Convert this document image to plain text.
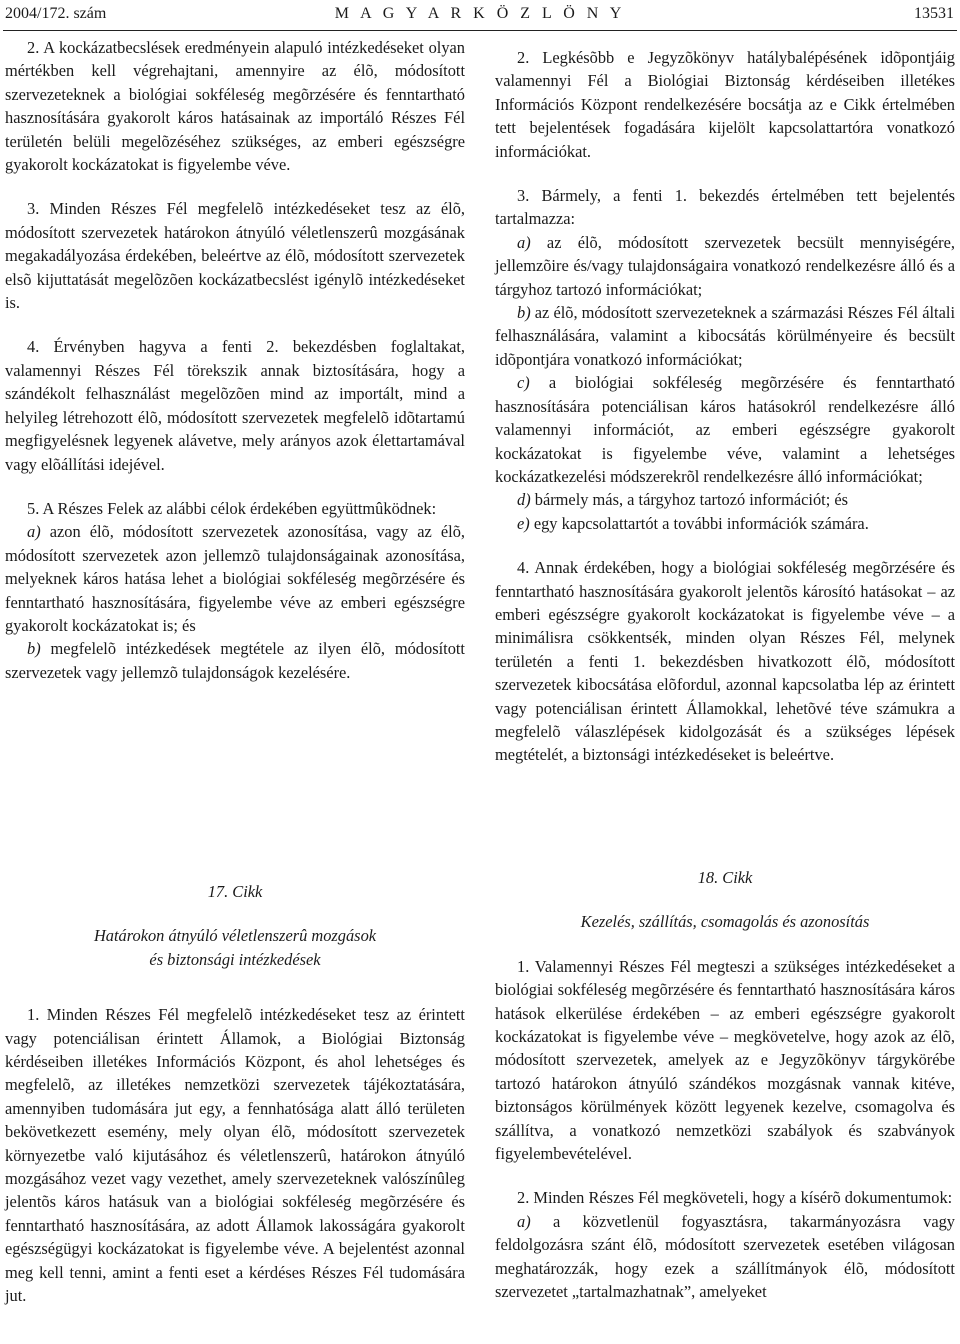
2004/172. szám	M A G Y A R K Ö Z L Ö N Y	13531

2. A kockázatbecslések eredményein alapuló intézkedéseket olyan mértékben kell végrehajtani, amennyire az élõ, módosított szervezeteknek a biológiai sokféleség megõrzésére és fenntartható hasznosítására gyakorolt káros hatásainak az importáló Részes Fél területén belüli megelõzéséhez szükséges, az emberi egészségre gyakorolt kockázatokat is figyelembe véve.

3. Minden Részes Fél megfelelõ intézkedéseket tesz az élõ, módosított szervezetek határokon átnyúló véletlenszerû mozgásának megakadályozása érdekében, beleértve az élõ, módosított szervezetek elsõ kijuttatását megelõzõen kockázatbecslést igénylõ intézkedéseket is.

4. Érvényben hagyva a fenti 2. bekezdésben foglaltakat, valamennyi Részes Fél törekszik annak biztosítására, hogy a szándékolt felhasználást megelõzõen mind az importált, mind a helyileg létrehozott élõ, módosított szervezetek megfelelõ idõtartamú megfigyelésnek legyenek alávetve, mely arányos azok élettartamával vagy elõállítási idejével.

5. A Részes Felek az alábbi célok érdekében együttmûködnek:

a) azon élõ, módosított szervezetek azonosítása, vagy az élõ, módosított szervezetek azon jellemzõ tulajdonságainak azonosítása, melyeknek káros hatása lehet a biológiai sokféleség megõrzésére és fenntartható hasznosítására, figyelembe véve az emberi egészségre gyakorolt kockázatokat is; és

b) megfelelõ intézkedések megtétele az ilyen élõ, módosított szervezetek vagy jellemzõ tulajdonságok kezelésére.

2. Legkésõbb e Jegyzõkönyv hatálybalépésének idõpontjáig valamennyi Fél a Biológiai Biztonság kérdéseiben illetékes Információs Központ rendelkezésére bocsátja az e Cikk értelmében tett bejelentések fogadására kijelölt kapcsolattartóra vonatkozó információkat.

3. Bármely, a fenti 1. bekezdés értelmében tett bejelentés tartalmazza:

a) az élõ, módosított szervezetek becsült mennyiségére, jellemzõire és/vagy tulajdonságaira vonatkozó rendelkezésre álló és a tárgyhoz tartozó információkat;

b) az élõ, módosított szervezeteknek a származási Részes Fél általi felhasználására, valamint a kibocsátás körülményeire és becsült idõpontjára vonatkozó információkat;

c) a biológiai sokféleség megõrzésére és fenntartható hasznosítására potenciálisan káros hatásokról rendelkezésre álló valamennyi információt, az emberi egészségre gyakorolt kockázatokat is figyelembe véve, valamint a lehetséges kockázatkezelési módszerekrõl rendelkezésre álló információkat;

d) bármely más, a tárgyhoz tartozó információt; és

e) egy kapcsolattartót a további információk számára.

4. Annak érdekében, hogy a biológiai sokféleség megõrzésére és fenntartható hasznosítására gyakorolt jelentõs károsító hatásokat – az emberi egészségre gyakorolt kockázatokat is figyelembe véve – a minimálisra csökkentsék, minden olyan Részes Fél, melynek területén a fenti 1. bekezdésben hivatkozott élõ, módosított szervezetek kibocsátása elõfordul, azonnal kapcsolatba lép az érintett vagy potenciálisan érintett Államokkal, lehetõvé téve számukra a megfelelõ válaszlépések kidolgozását és a szükséges lépések megtételét, a biztonsági intézkedéseket is beleértve.

17. Cikk

Határokon átnyúló véletlenszerû mozgások

és biztonsági intézkedések

1. Minden Részes Fél megfelelõ intézkedéseket tesz az érintett vagy potenciálisan érintett Államok, a Biológiai Biztonság kérdéseiben illetékes Információs Központ, és ahol lehetséges és megfelelõ, az illetékes nemzetközi szervezetek tájékoztatására, amennyiben tudomására jut egy, a fennhatósága alatt álló területen bekövetkezett esemény, mely olyan élõ, módosított szervezetek környezetbe való kijutásához és véletlenszerû, határokon átnyúló mozgásához vezet vagy vezethet, amely szervezeteknek valószínûleg jelentõs káros hatásuk van a biológiai sokféleség megõrzésére és fenntartható hasznosítására, az adott Államok lakosságára gyakorolt egészségügyi kockázatokat is figyelembe véve. A bejelentést azonnal meg kell tenni, amint a fenti eset a kérdéses Részes Fél tudomására jut.

18. Cikk

Kezelés, szállítás, csomagolás és azonosítás

1. Valamennyi Részes Fél megteszi a szükséges intézkedéseket a biológiai sokféleség megõrzésére és fenntartható hasznosítására káros hatások elkerülése érdekében – az emberi egészségre gyakorolt kockázatokat is figyelembe véve – megkövetelve, hogy azok az élõ, módosított szervezetek, amelyek az e Jegyzõkönyv tárgykörébe tartozó határokon átnyúló szándékos mozgásnak vannak kitéve, biztonságos körülmények között legyenek kezelve, csomagolva és szállítva, a vonatkozó nemzetközi szabályok és szabványok figyelembevételével.

2. Minden Részes Fél megköveteli, hogy a kísérõ dokumentumok:

a) a közvetlenül fogyasztásra, takarmányozásra vagy feldolgozásra szánt élõ, módosított szervezetek esetében világosan meghatározzák, hogy ezek a szállítmányok élõ, módosított szervezetet „tartalmazhatnak”, amelyeket
